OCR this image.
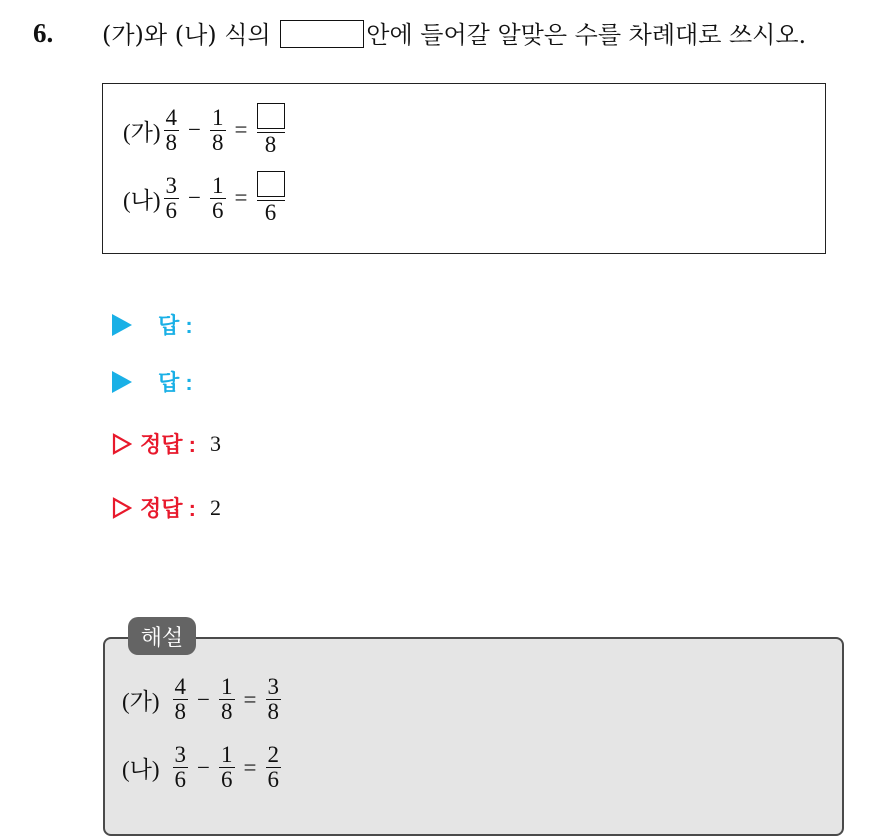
6. (가)와 (나) 식의	안에 들어갈 알맞은 수를 차례대로 쓰시오.
(가) $\frac{4}{8} - \frac{1}{8}$ =
8
(나) $\frac{3}{6} - \frac{1}{6}$ =
6
답 :
답 :
정답 : 3
정답 : 2
(가) $\frac{4}{8} - \frac{1}{8} = \frac{3}{8}$
(나) $\frac{3}{6} - \frac{1}{6} = \frac{2}{6}$
해설
